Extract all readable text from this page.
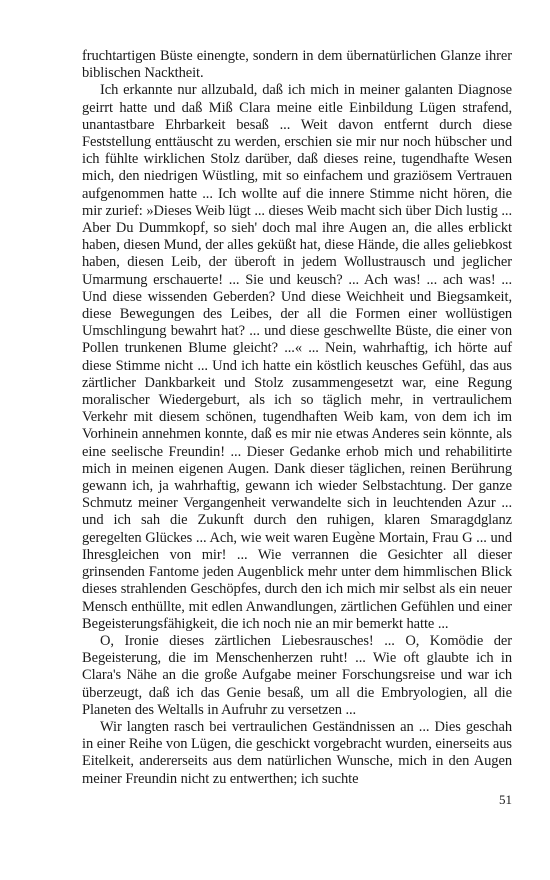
fruchtartigen Büste einengte, sondern in dem übernatürlichen Glanze ihrer biblischen Nacktheit.

Ich erkannte nur allzubald, daß ich mich in meiner galanten Diagnose geirrt hatte und daß Miß Clara meine eitle Einbildung Lügen strafend, unantastbare Ehrbarkeit besaß ... Weit davon entfernt durch diese Feststellung enttäuscht zu werden, erschien sie mir nur noch hübscher und ich fühlte wirklichen Stolz darüber, daß dieses reine, tugendhafte Wesen mich, den niedrigen Wüstling, mit so einfachem und graziösem Vertrauen aufgenommen hatte ... Ich wollte auf die innere Stimme nicht hören, die mir zurief: »Dieses Weib lügt ... dieses Weib macht sich über Dich lustig ... Aber Du Dummkopf, so sieh' doch mal ihre Augen an, die alles erblickt haben, diesen Mund, der alles geküßt hat, diese Hände, die alles geliebkost haben, diesen Leib, der überoft in jedem Wollustrausch und jeglicher Umarmung erschauerte! ... Sie und keusch? ... Ach was! ... ach was! ... Und diese wissenden Geberden? Und diese Weichheit und Biegsamkeit, diese Bewegungen des Leibes, der all die Formen einer wollüstigen Umschlingung bewahrt hat? ... und diese geschwellte Büste, die einer von Pollen trunkenen Blume gleicht? ...« ... Nein, wahrhaftig, ich hörte auf diese Stimme nicht ... Und ich hatte ein köstlich keusches Gefühl, das aus zärtlicher Dankbarkeit und Stolz zusammengesetzt war, eine Regung moralischer Wiedergeburt, als ich so täglich mehr, in vertraulichem Verkehr mit diesem schönen, tugendhaften Weib kam, von dem ich im Vorhinein annehmen konnte, daß es mir nie etwas Anderes sein könnte, als eine seelische Freundin! ... Dieser Gedanke erhob mich und rehabilitirte mich in meinen eigenen Augen. Dank dieser täglichen, reinen Berührung gewann ich, ja wahrhaftig, gewann ich wieder Selbstachtung. Der ganze Schmutz meiner Vergangenheit verwandelte sich in leuchtenden Azur ... und ich sah die Zukunft durch den ruhigen, klaren Smaragdglanz geregelten Glückes ... Ach, wie weit waren Eugène Mortain, Frau G ... und Ihresgleichen von mir! ... Wie verrannen die Gesichter all dieser grinsenden Fantome jeden Augenblick mehr unter dem himmlischen Blick dieses strahlenden Geschöpfes, durch den ich mich mir selbst als ein neuer Mensch enthüllte, mit edlen Anwandlungen, zärtlichen Gefühlen und einer Begeisterungsfähigkeit, die ich noch nie an mir bemerkt hatte ...

O, Ironie dieses zärtlichen Liebesrausches! ... O, Komödie der Begeisterung, die im Menschenherzen ruht! ... Wie oft glaubte ich in Clara's Nähe an die große Aufgabe meiner Forschungsreise und war ich überzeugt, daß ich das Genie besaß, um all die Embryologien, all die Planeten des Weltalls in Aufruhr zu versetzen ...

Wir langten rasch bei vertraulichen Geständnissen an ... Dies geschah in einer Reihe von Lügen, die geschickt vorgebracht wurden, einerseits aus Eitelkeit, andererseits aus dem natürlichen Wunsche, mich in den Augen meiner Freundin nicht zu entwerthen; ich suchte

51
